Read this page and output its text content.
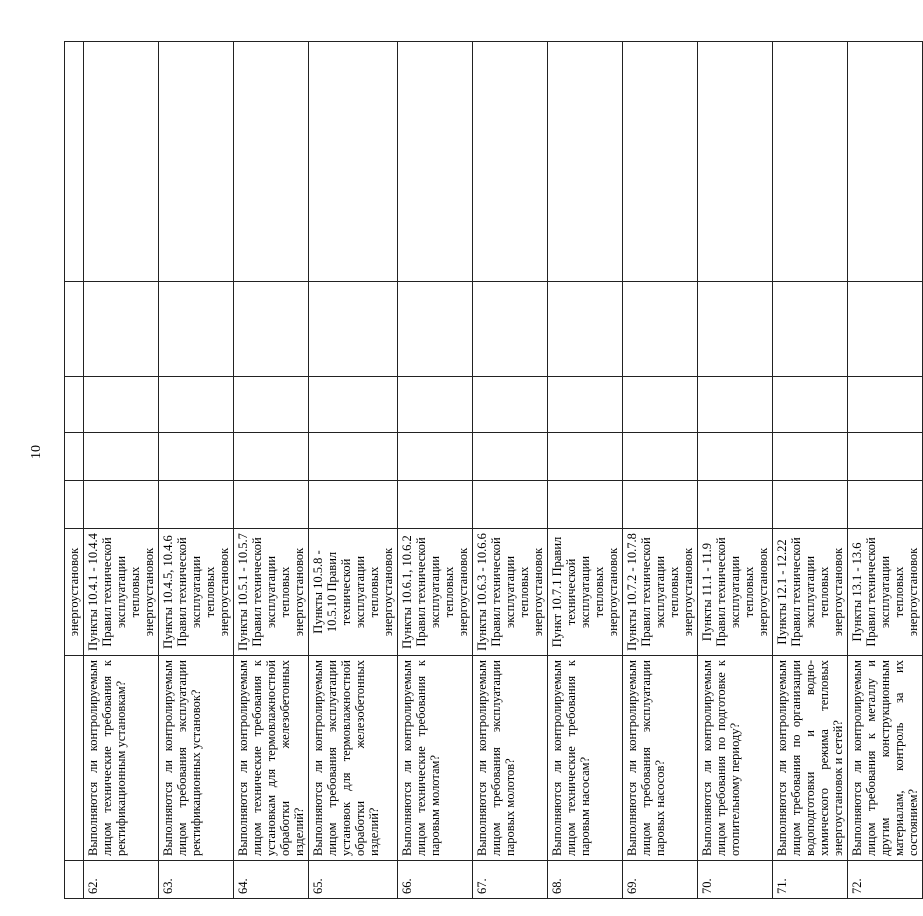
10
		энергоустановок					
62.	Выполняются ли контролируемым лицом технические требования к ректификационным установкам?	Пункты 10.4.1 - 10.4.4 Правил технической эксплуатации тепловых энергоустановок					
63.	Выполняются ли контролируемым лицом требования эксплуатации ректификационных установок?	Пункты 10.4.5, 10.4.6 Правил технической эксплуатации тепловых энергоустановок					
64.	Выполняются ли контролируемым лицом технические требования к установкам для термовлажностной обработки железобетонных изделий?	Пункты 10.5.1 - 10.5.7 Правил технической эксплуатации тепловых энергоустановок					
65.	Выполняются ли контролируемым лицом требования эксплуатации установок для термовлажностной обработки железобетонных изделий?	Пункты 10.5.8 - 10.5.10 Правил технической эксплуатации тепловых энергоустановок					
66.	Выполняются ли контролируемым лицом технические требования к паровым молотам?	Пункты 10.6.1, 10.6.2 Правил технической эксплуатации тепловых энергоустановок					
67.	Выполняются ли контролируемым лицом требования эксплуатации паровых молотов?	Пункты 10.6.3 - 10.6.6 Правил технической эксплуатации тепловых энергоустановок					
68.	Выполняются ли контролируемым лицом технические требования к паровым насосам?	Пункт 10.7.1 Правил технической эксплуатации тепловых энергоустановок					
69.	Выполняются ли контролируемым лицом требования эксплуатации паровых насосов?	Пункты 10.7.2 - 10.7.8 Правил технической эксплуатации тепловых энергоустановок					
70.	Выполняются ли контролируемым лицом требования по подготовке к отопительному периоду?	Пункты 11.1 - 11.9 Правил технической эксплуатации тепловых энергоустановок					
71.	Выполняются ли контролируемым лицом требования по организации водоподготовки и водно-химического режима тепловых энергоустановок и сетей?	Пункты 12.1 - 12.22 Правил технической эксплуатации тепловых энергоустановок					
72.	Выполняются ли контролируемым лицом требования к металлу и другим конструкционным материалам, контроль за их состоянием?	Пункты 13.1 - 13.6 Правил технической эксплуатации тепловых энергоустановок					
